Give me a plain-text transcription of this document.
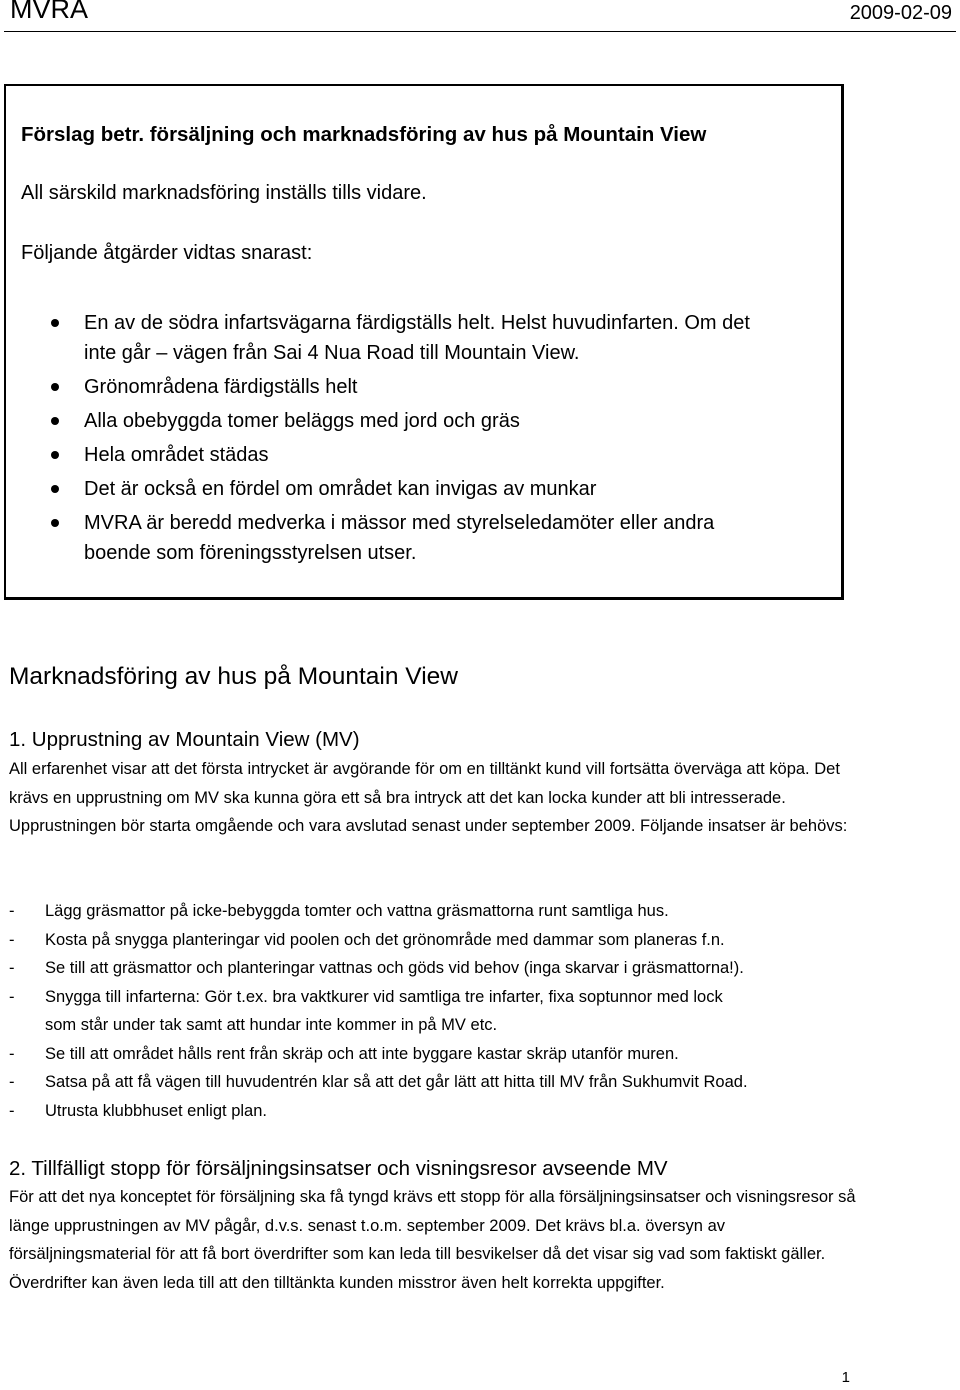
MVRA	2009-02-09
Förslag betr. försäljning och marknadsföring av hus på Mountain View
All särskild marknadsföring inställs tills vidare.
Följande åtgärder vidtas snarast:
En av de södra infartsvägarna färdigställs helt. Helst huvudinfarten. Om det
inte går – vägen från Sai 4 Nua Road till Mountain View.
Grönområdena färdigställs helt
Alla obebyggda tomer beläggs med jord och gräs
Hela området städas
Det är också en fördel om området kan invigas av munkar
MVRA är beredd medverka i mässor med styrelseledamöter eller andra
boende som föreningsstyrelsen utser.
Marknadsföring av hus på Mountain View
1. Upprustning av Mountain View (MV)
All erfarenhet visar att det första intrycket är avgörande för om en tilltänkt kund vill fortsätta överväga att köpa. Det krävs en upprustning om MV ska kunna göra ett så bra intryck att det kan locka kunder att bli intresserade. Upprustningen bör starta omgående och vara avslutad senast under september 2009. Följande insatser är behövs:
- Lägg gräsmattor på icke-bebyggda tomter och vattna gräsmattorna runt samtliga hus.
- Kosta på snygga planteringar vid poolen och det grönområde med dammar som planeras f.n.
- Se till att gräsmattor och planteringar vattnas och göds vid behov (inga skarvar i gräsmattorna!).
- Snygga till infarterna: Gör t.ex. bra vaktkurer vid samtliga tre infarter, fixa soptunnor med lock
som står under tak samt att hundar inte kommer in på MV etc.
- Se till att området hålls rent från skräp och att inte byggare kastar skräp utanför muren.
- Satsa på att få vägen till huvudentrén klar så att det går lätt att hitta till MV från Sukhumvit Road.
- Utrusta klubbhuset enligt plan.
2. Tillfälligt stopp för försäljningsinsatser och visningsresor avseende MV
För att det nya konceptet för försäljning ska få tyngd krävs ett stopp för alla försäljningsinsatser och visningsresor så länge upprustningen av MV pågår, d.v.s. senast t.o.m. september 2009. Det krävs bl.a. översyn av försäljningsmaterial för att få bort överdrifter som kan leda till besvikelser då det visar sig vad som faktiskt gäller. Överdrifter kan även leda till att den tilltänkta kunden misstror även helt korrekta uppgifter.
1
